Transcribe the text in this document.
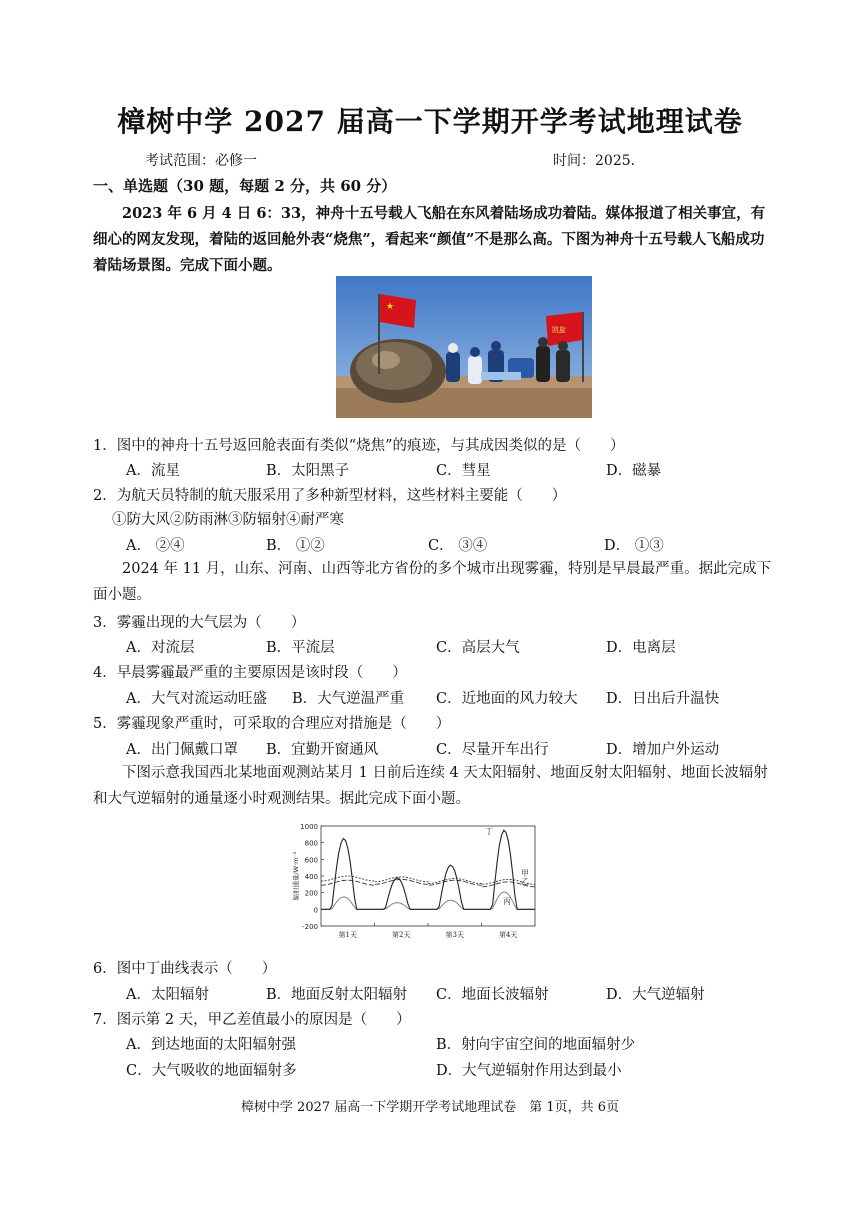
樟树中学 2027 届高一下学期开学考试地理试卷
考试范围：必修一	时间：2025.
一、单选题（30 题，每题 2 分，共 60 分）
2023 年 6 月 4 日 6：33，神舟十五号载人飞船在东风着陆场成功着陆。媒体报道了相关事宜，有细心的网友发现，着陆的返回舱外表“烧焦”，看起来“颜值”不是那么高。下图为神舟十五号载人飞船成功着陆场景图。完成下面小题。
★
凯旋
1．图中的神舟十五号返回舱表面有类似“烧焦”的痕迹，与其成因类似的是（　　）
A．流星	B．太阳黑子	C．彗星	D．磁暴
2．为航天员特制的航天服采用了多种新型材料，这些材料主要能（　　）
①防大风②防雨淋③防辐射④耐严寒
A． ②④	B． ①②	C． ③④	D． ①③
2024 年 11 月，山东、河南、山西等北方省份的多个城市出现雾霾，特别是早晨最严重。据此完成下面小题。
3．雾霾出现的大气层为（　　）
A．对流层	B．平流层	C．高层大气	D．电离层
4．早晨雾霾最严重的主要原因是该时段（　　）
A．大气对流运动旺盛 B．大气逆温严重 C．近地面的风力较大 D．日出后升温快
5．雾霾现象严重时，可采取的合理应对措施是（　　）
A．出门佩戴口罩 B．宜勤开窗通风	C．尽量开车出行	D．增加户外运动
下图示意我国西北某地面观测站某月 1 日前后连续 4 天太阳辐射、地面反射太阳辐射、地面长波辐射和大气逆辐射的通量逐小时观测结果。据此完成下面小题。
1000
800
600
400
200
0
-200
辐射通量/W·m⁻²
第1天	第2天	第3天	第4天
甲
乙
丙
丁
6．图中丁曲线表示（　　）
A．太阳辐射	B．地面反射太阳辐射 C．地面长波辐射	D．大气逆辐射
7．图示第 2 天，甲乙差值最小的原因是（　　）
A．到达地面的太阳辐射强	B．射向宇宙空间的地面辐射少
C．大气吸收的地面辐射多	D．大气逆辐射作用达到最小
樟树中学 2027 届高一下学期开学考试地理试卷　第 1页，共 6页
